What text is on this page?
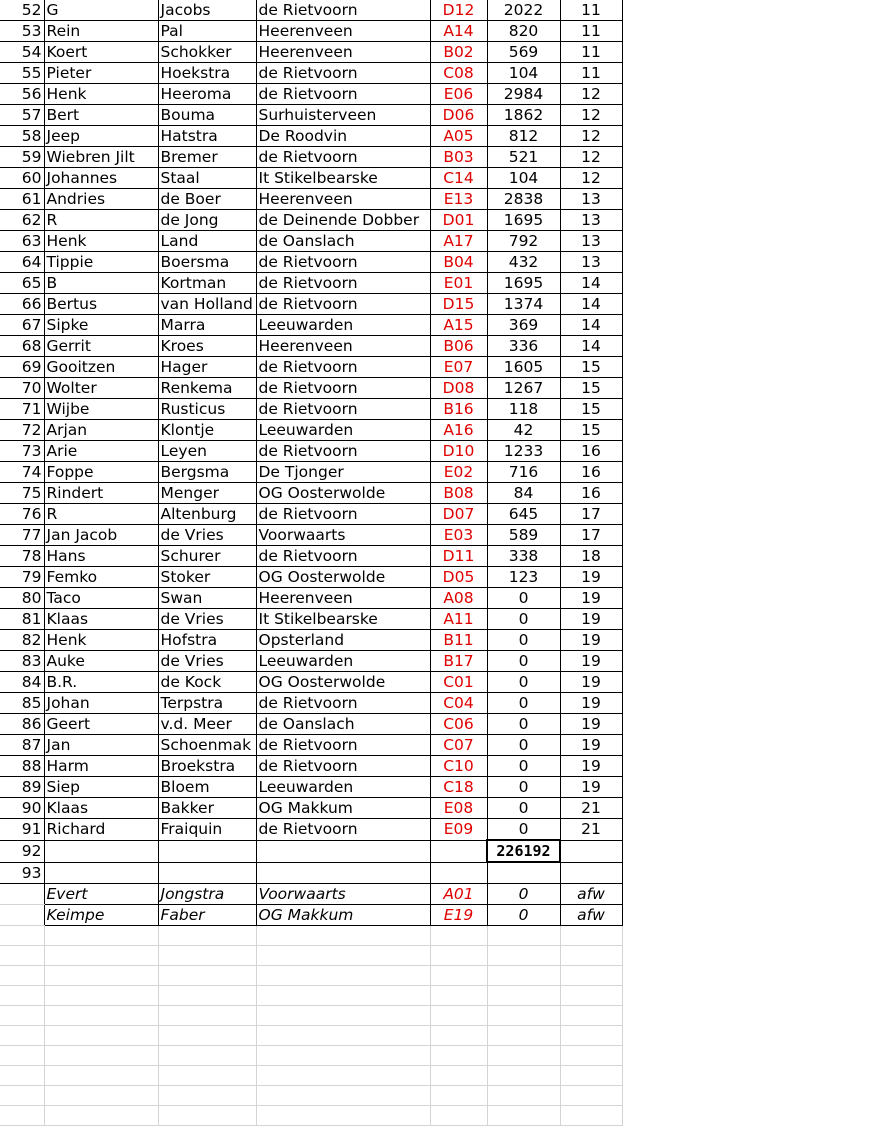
52	G	Jacobs	de Rietvoorn	D12	2022	11
53	Rein	Pal	Heerenveen	A14	820	11
54	Koert	Schokker	Heerenveen	B02	569	11
55	Pieter	Hoekstra	de Rietvoorn	C08	104	11
56	Henk	Heeroma	de Rietvoorn	E06	2984	12
57	Bert	Bouma	Surhuisterveen	D06	1862	12
58	Jeep	Hatstra	De Roodvin	A05	812	12
59	Wiebren Jilt	Bremer	de Rietvoorn	B03	521	12
60	Johannes	Staal	It Stikelbearske	C14	104	12
61	Andries	de Boer	Heerenveen	E13	2838	13
62	R	de Jong	de Deinende Dobber	D01	1695	13
63	Henk	Land	de Oanslach	A17	792	13
64	Tippie	Boersma	de Rietvoorn	B04	432	13
65	B	Kortman	de Rietvoorn	E01	1695	14
66	Bertus	van Holland	de Rietvoorn	D15	1374	14
67	Sipke	Marra	Leeuwarden	A15	369	14
68	Gerrit	Kroes	Heerenveen	B06	336	14
69	Gooitzen	Hager	de Rietvoorn	E07	1605	15
70	Wolter	Renkema	de Rietvoorn	D08	1267	15
71	Wijbe	Rusticus	de Rietvoorn	B16	118	15
72	Arjan	Klontje	Leeuwarden	A16	42	15
73	Arie	Leyen	de Rietvoorn	D10	1233	16
74	Foppe	Bergsma	De Tjonger	E02	716	16
75	Rindert	Menger	OG Oosterwolde	B08	84	16
76	R	Altenburg	de Rietvoorn	D07	645	17
77	Jan Jacob	de Vries	Voorwaarts	E03	589	17
78	Hans	Schurer	de Rietvoorn	D11	338	18
79	Femko	Stoker	OG Oosterwolde	D05	123	19
80	Taco	Swan	Heerenveen	A08	0	19
81	Klaas	de Vries	It Stikelbearske	A11	0	19
82	Henk	Hofstra	Opsterland	B11	0	19
83	Auke	de Vries	Leeuwarden	B17	0	19
84	B.R.	de Kock	OG Oosterwolde	C01	0	19
85	Johan	Terpstra	de Rietvoorn	C04	0	19
86	Geert	v.d. Meer	de Oanslach	C06	0	19
87	Jan	Schoenmak	de Rietvoorn	C07	0	19
88	Harm	Broekstra	de Rietvoorn	C10	0	19
89	Siep	Bloem	Leeuwarden	C18	0	19
90	Klaas	Bakker	OG Makkum	E08	0	21
91	Richard	Fraiquin	de Rietvoorn	E09	0	21
92					226192	
93						
	Evert	Jongstra	Voorwaarts	A01	0	afw
	Keimpe	Faber	OG Makkum	E19	0	afw
